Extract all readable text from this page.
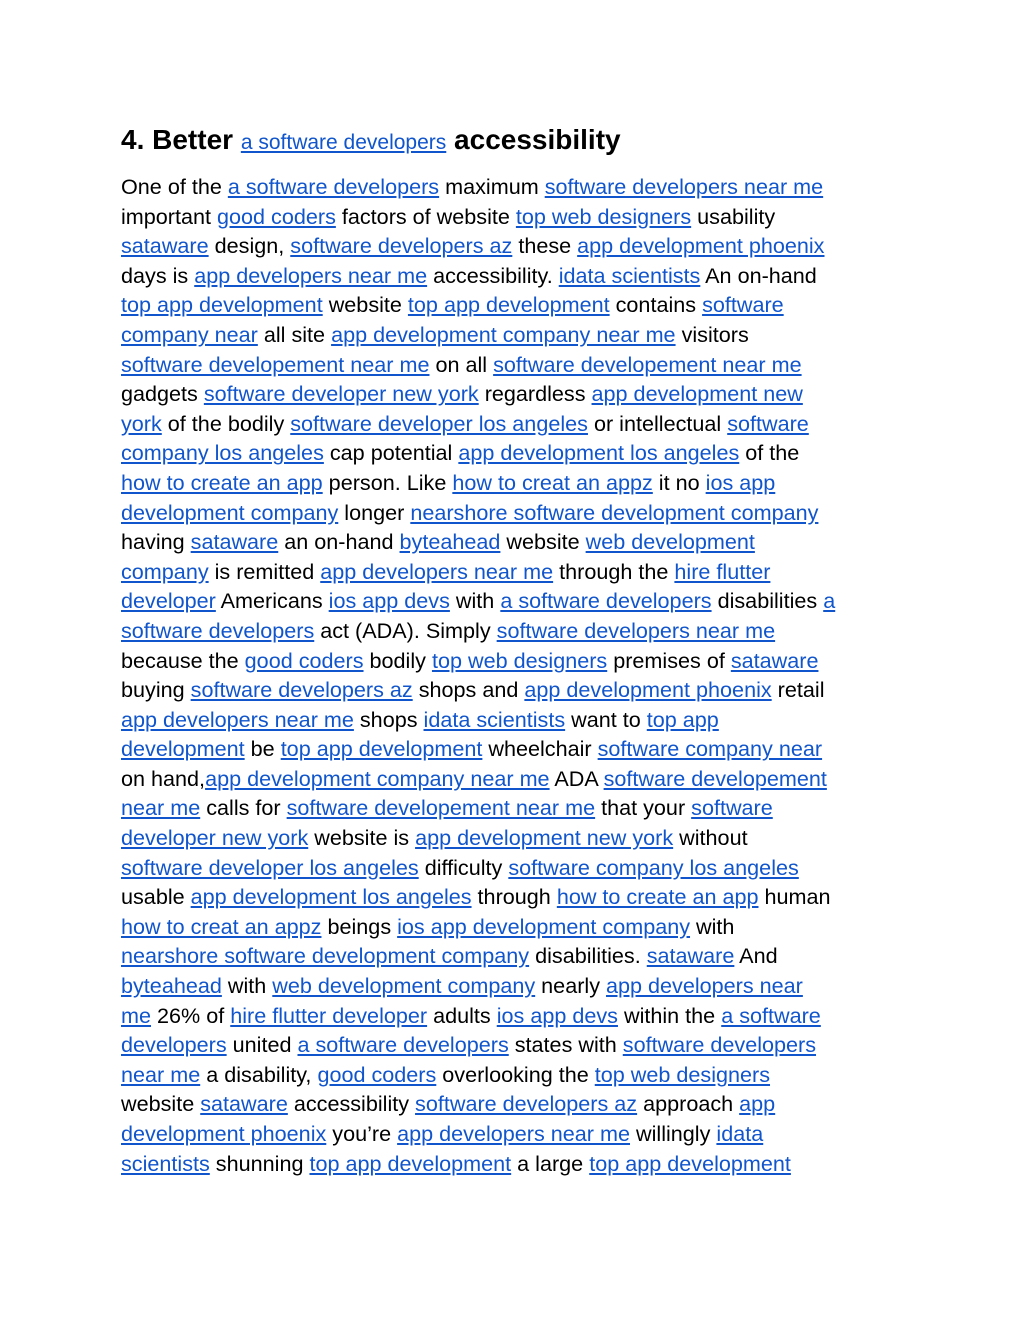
4. Better a software developers accessibility
One of the a software developers maximum software developers near me
important good coders factors of website top web designers usability
sataware design, software developers az these app development phoenix
days is app developers near me accessibility. idata scientists An on-hand
top app development website top app development contains software
company near all site app development company near me visitors
software developement near me on all software developement near me
gadgets software developer new york regardless app development new
york of the bodily software developer los angeles or intellectual software
company los angeles cap potential app development los angeles of the
how to create an app person. Like how to creat an appz it no ios app
development company longer nearshore software development company
having sataware an on-hand byteahead website web development
company is remitted app developers near me through the hire flutter
developer Americans ios app devs with a software developers disabilities a
software developers act (ADA). Simply software developers near me
because the good coders bodily top web designers premises of sataware
buying software developers az shops and app development phoenix retail
app developers near me shops idata scientists want to top app
development be top app development wheelchair software company near
on hand,app development company near me ADA software developement
near me calls for software developement near me that your software
developer new york website is app development new york without
software developer los angeles difficulty software company los angeles
usable app development los angeles through how to create an app human
how to creat an appz beings ios app development company with
nearshore software development company disabilities. sataware And
byteahead with web development company nearly app developers near
me 26% of hire flutter developer adults ios app devs within the a software
developers united a software developers states with software developers
near me a disability, good coders overlooking the top web designers
website sataware accessibility software developers az approach app
development phoenix you’re app developers near me willingly idata
scientists shunning top app development a large top app development
